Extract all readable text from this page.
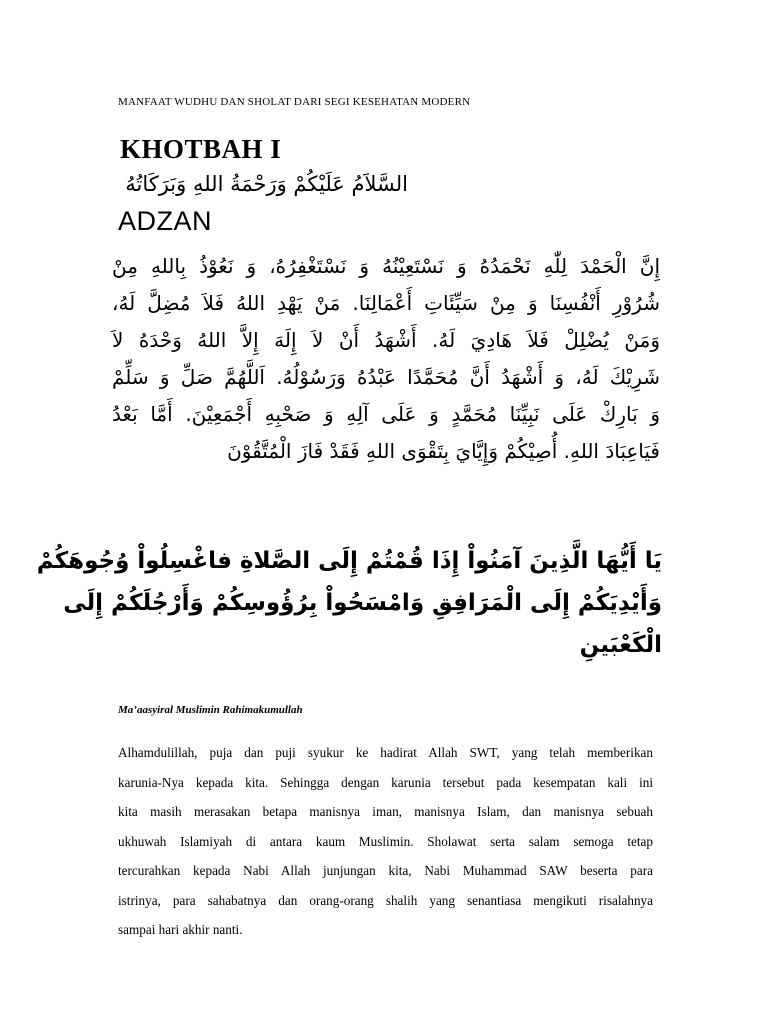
MANFAAT WUDHU DAN SHOLAT DARI SEGI KESEHATAN MODERN
KHOTBAH I
السَّلاَمُ عَلَيْكُمْ وَرَحْمَةُ اللهِ وَبَرَكَاتُهُ
ADZAN
إِنَّ الْحَمْدَ لِلّٰهِ نَحْمَدُهُ وَ نَسْتَعِيْنُهُ وَ نَسْتَغْفِرُهُ، وَ نَعُوْذُ بِاللهِ مِنْ
شُرُوْرِ أَنْفُسِنَا وَ مِنْ سَيِّئَاتِ أَعْمَالِنَا. مَنْ يَهْدِ اللهُ فَلاَ مُضِلَّ لَهُ،
وَمَنْ يُضْلِلْ فَلاَ هَادِيَ لَهُ. أَشْهَدُ أَنْ لاَ إِلَهَ إِلاَّ اللهُ وَحْدَهُ لاَ
شَرِيْكَ لَهُ، وَ أَشْهَدُ أَنَّ مُحَمَّدًا عَبْدُهُ وَرَسُوْلُهُ. اَللَّهُمَّ صَلِّ وَ سَلِّمْ
وَ بَارِكْ عَلَى نَبِيِّنَا مُحَمَّدٍ وَ عَلَى آلِهِ وَ صَحْبِهِ أَجْمَعِيْنَ. أَمَّا بَعْدُ
فَيَاعِبَادَ اللهِ. أُصِيْكُمْ وَإِيَّايَ بِتَقْوَى اللهِ فَقَدْ فَازَ الْمُتَّقُوْنَ
يَا أَيُّهَا الَّذِينَ آمَنُواْ إِذَا قُمْتُمْ إِلَى الصَّلاةِ فاغْسِلُواْ وُجُوهَكُمْ
وَأَيْدِيَكُمْ إِلَى الْمَرَافِقِ وَامْسَحُواْ بِرُؤُوسِكُمْ وَأَرْجُلَكُمْ إِلَى
الْكَعْبَينِ
Ma’aasyiral Muslimin Rahimakumullah
Alhamdulillah, puja dan puji syukur ke hadirat Allah SWT, yang telah memberikan
karunia-Nya kepada kita. Sehingga dengan karunia tersebut pada kesempatan kali ini
kita masih merasakan betapa manisnya iman, manisnya Islam, dan manisnya sebuah
ukhuwah Islamiyah di antara kaum Muslimin. Sholawat serta salam semoga tetap
tercurahkan kepada Nabi Allah junjungan kita, Nabi Muhammad SAW beserta para
istrinya, para sahabatnya dan orang-orang shalih yang senantiasa mengikuti risalahnya
sampai hari akhir nanti.
